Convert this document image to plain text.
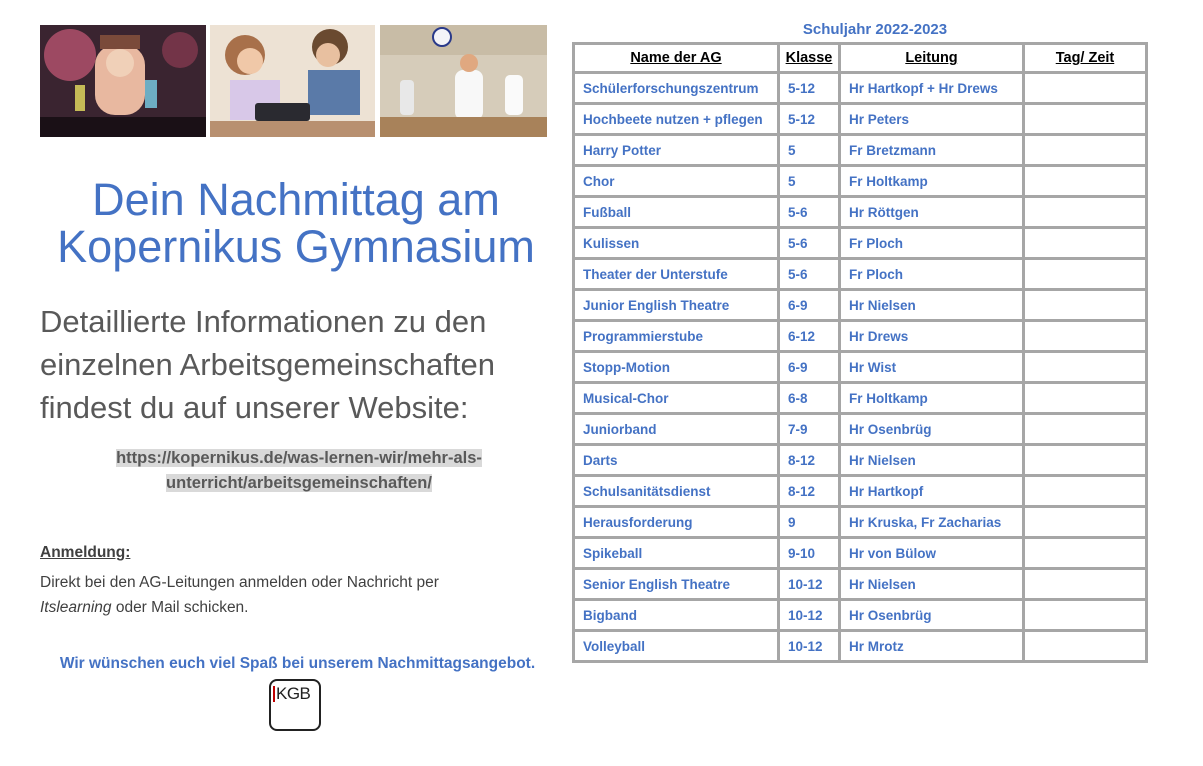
Dein Nachmittag am
Kopernikus Gymnasium
Detaillierte Informationen zu den
einzelnen Arbeitsgemeinschaften
findest du auf unserer Website:
https://kopernikus.de/was-lernen-wir/mehr-als-
unterricht/arbeitsgemeinschaften/
Anmeldung:
Direkt bei den AG-Leitungen anmelden oder Nachricht per
Itslearning oder Mail schicken.
Wir wünschen euch viel Spaß bei unserem Nachmittagsangebot.
KGB
Schuljahr 2022-2023
Name der AG	Klasse	Leitung	Tag/ Zeit
Schülerforschungszentrum	5-12	Hr Hartkopf + Hr Drews	
Hochbeete nutzen + pflegen	5-12	Hr Peters	
Harry Potter	5	Fr Bretzmann	
Chor	5	Fr Holtkamp	
Fußball	5-6	Hr Röttgen	
Kulissen	5-6	Fr Ploch	
Theater der Unterstufe	5-6	Fr Ploch	
Junior English Theatre	6-9	Hr Nielsen	
Programmierstube	6-12	Hr Drews	
Stopp-Motion	6-9	Hr Wist	
Musical-Chor	6-8	Fr Holtkamp	
Juniorband	7-9	Hr Osenbrüg	
Darts	8-12	Hr Nielsen	
Schulsanitätsdienst	8-12	Hr Hartkopf	
Herausforderung	9	Hr Kruska, Fr Zacharias	
Spikeball	9-10	Hr von Bülow	
Senior English Theatre	10-12	Hr Nielsen	
Bigband	10-12	Hr Osenbrüg	
Volleyball	10-12	Hr Mrotz	
